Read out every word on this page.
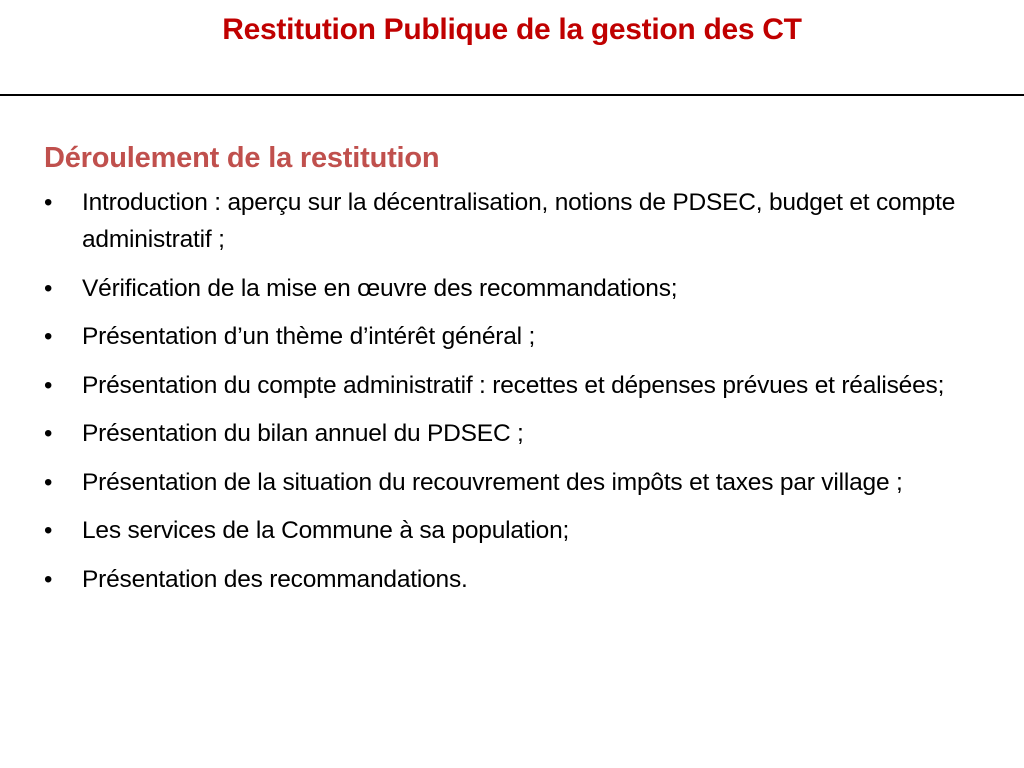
Restitution Publique de la gestion des CT
Déroulement de la restitution
•	Introduction : aperçu sur la décentralisation, notions de PDSEC, budget et compte administratif ;
•	Vérification de la mise en œuvre des recommandations;
•	Présentation d’un thème d’intérêt général ;
•	Présentation du compte administratif : recettes et dépenses prévues et réalisées;
•	Présentation du bilan annuel du PDSEC ;
•	Présentation de la situation du recouvrement des impôts et taxes par village ;
•	Les services de la Commune à sa population;
•	Présentation des recommandations.
